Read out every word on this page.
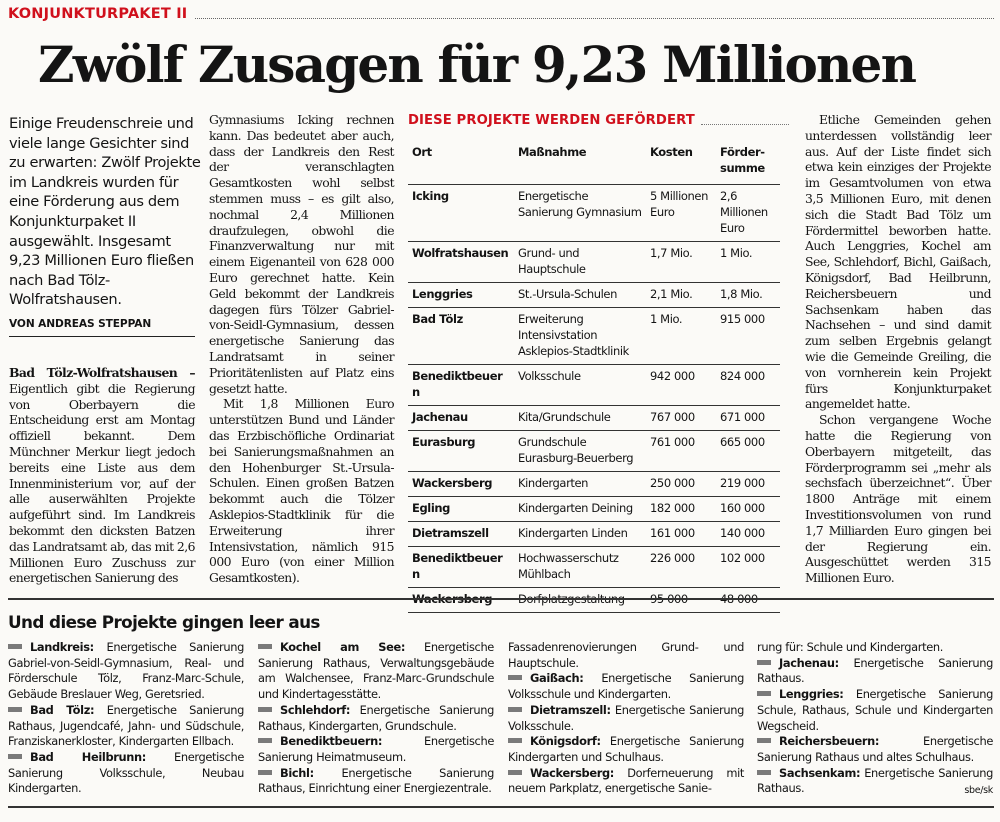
KONJUNKTURPAKET II
Zwölf Zusagen für 9,23 Millionen
Einige Freudenschreie und viele lange Gesichter sind zu erwarten: Zwölf Projekte im Landkreis wurden für eine Förderung aus dem Konjunkturpaket II ausgewählt. Insgesamt 9,23 Millionen Euro fließen nach Bad Tölz-Wolfratshausen.
VON ANDREAS STEPPAN

Bad Tölz-Wolfratshausen – Eigentlich gibt die Regierung von Oberbayern die Entscheidung erst am Montag offiziell bekannt. Dem Münchner Merkur liegt jedoch bereits eine Liste aus dem Innenministerium vor, auf der alle auserwählten Projekte aufgeführt sind. Im Landkreis bekommt den dicksten Batzen das Landratsamt ab, das mit 2,6 Millionen Euro Zuschuss zur energetischen Sanierung des

Gymnasiums Icking rechnen kann. Das bedeutet aber auch, dass der Landkreis den Rest der veranschlagten Gesamtkosten wohl selbst stemmen muss – es gilt also, nochmal 2,4 Millionen draufzulegen, obwohl die Finanzverwaltung nur mit einem Eigenanteil von 628 000 Euro gerechnet hatte. Kein Geld bekommt der Landkreis dagegen fürs Tölzer Gabriel-von-Seidl-Gymnasium, dessen energetische Sanierung das Landratsamt in seiner Prioritätenlisten auf Platz eins gesetzt hatte.

Mit 1,8 Millionen Euro unterstützen Bund und Länder das Erzbischöfliche Ordinariat bei Sanierungsmaßnahmen an den Hohenburger St.-Ursula-Schulen. Einen großen Batzen bekommt auch die Tölzer Asklepios-Stadtklinik für die Erweiterung ihrer Intensivstation, nämlich 915 000 Euro (von einer Million Gesamtkosten).

DIESE PROJEKTE WERDEN GEFÖRDERT
Ort	Maßnahme	Kosten	Förder-summe
Icking	Energetische Sanierung Gymnasium	5 Millionen Euro	2,6 Millionen Euro
Wolfratshausen	Grund- und Hauptschule	1,7 Mio.	1 Mio.
Lenggries	St.-Ursula-Schulen	2,1 Mio.	1,8 Mio.
Bad Tölz	Erweiterung Intensivstation Asklepios-Stadtklinik	1 Mio.	915 000
Benediktbeuern	Volksschule	942 000	824 000
Jachenau	Kita/Grundschule	767 000	671 000
Eurasburg	Grundschule Eurasburg-Beuerberg	761 000	665 000
Wackersberg	Kindergarten	250 000	219 000
Egling	Kindergarten Deining	182 000	160 000
Dietramszell	Kindergarten Linden	161 000	140 000
Benediktbeuern	Hochwasserschutz Mühlbach	226 000	102 000
Wackersberg	Dorfplatzgestaltung	95 000	48 000

Etliche Gemeinden gehen unterdessen vollständig leer aus. Auf der Liste findet sich etwa kein einziges der Projekte im Gesamtvolumen von etwa 3,5 Millionen Euro, mit denen sich die Stadt Bad Tölz um Fördermittel beworben hatte. Auch Lenggries, Kochel am See, Schlehdorf, Bichl, Gaißach, Königsdorf, Bad Heilbrunn, Reichersbeuern und Sachsenkam haben das Nachsehen – und sind damit zum selben Ergebnis gelangt wie die Gemeinde Greiling, die von vornherein kein Projekt fürs Konjunkturpaket angemeldet hatte.

Schon vergangene Woche hatte die Regierung von Oberbayern mitgeteilt, das Förderprogramm sei „mehr als sechsfach überzeichnet“. Über 1800 Anträge mit einem Investitionsvolumen von rund 1,7 Milliarden Euro gingen bei der Regierung ein. Ausgeschüttet werden 315 Millionen Euro.

Und diese Projekte gingen leer aus
Landkreis: Energetische Sanierung Gabriel-von-Seidl-Gymnasium, Real- und Förderschule Tölz, Franz-Marc-Schule, Gebäude Breslauer Weg, Geretsried.
Bad Tölz: Energetische Sanierung Rathaus, Jugendcafé, Jahn- und Südschule, Franziskanerkloster, Kindergarten Ellbach.
Bad Heilbrunn: Energetische Sanierung Volksschule, Neubau Kindergarten.
Kochel am See: Energetische Sanierung Rathaus, Verwaltungsgebäude am Walchensee, Franz-Marc-Grundschule und Kindertagesstätte.
Schlehdorf: Energetische Sanierung Rathaus, Kindergarten, Grundschule.
Benediktbeuern:	Energetische Sanierung Heimatmuseum.
Bichl: Energetische Sanierung Rathaus, Einrichtung einer Energiezentrale.
Fassadenrenovierungen Grund- und Hauptschule.
Gaißach: Energetische Sanierung Volksschule und Kindergarten.
Dietramszell: Energetische Sanierung Volksschule.
Königsdorf: Energetische Sanierung Kindergarten und Schulhaus.
Wackersberg: Dorferneuerung mit neuem Parkplatz, energetische Sanie-
rung für: Schule und Kindergarten.
Jachenau: Energetische Sanierung Rathaus.
Lenggries: Energetische Sanierung Schule, Rathaus, Schule und Kindergarten Wegscheid.
Reichersbeuern:	Energetische Sanierung Rathaus und altes Schulhaus.
Sachsenkam: Energetische Sanierung Rathaus.	sbe/sk
